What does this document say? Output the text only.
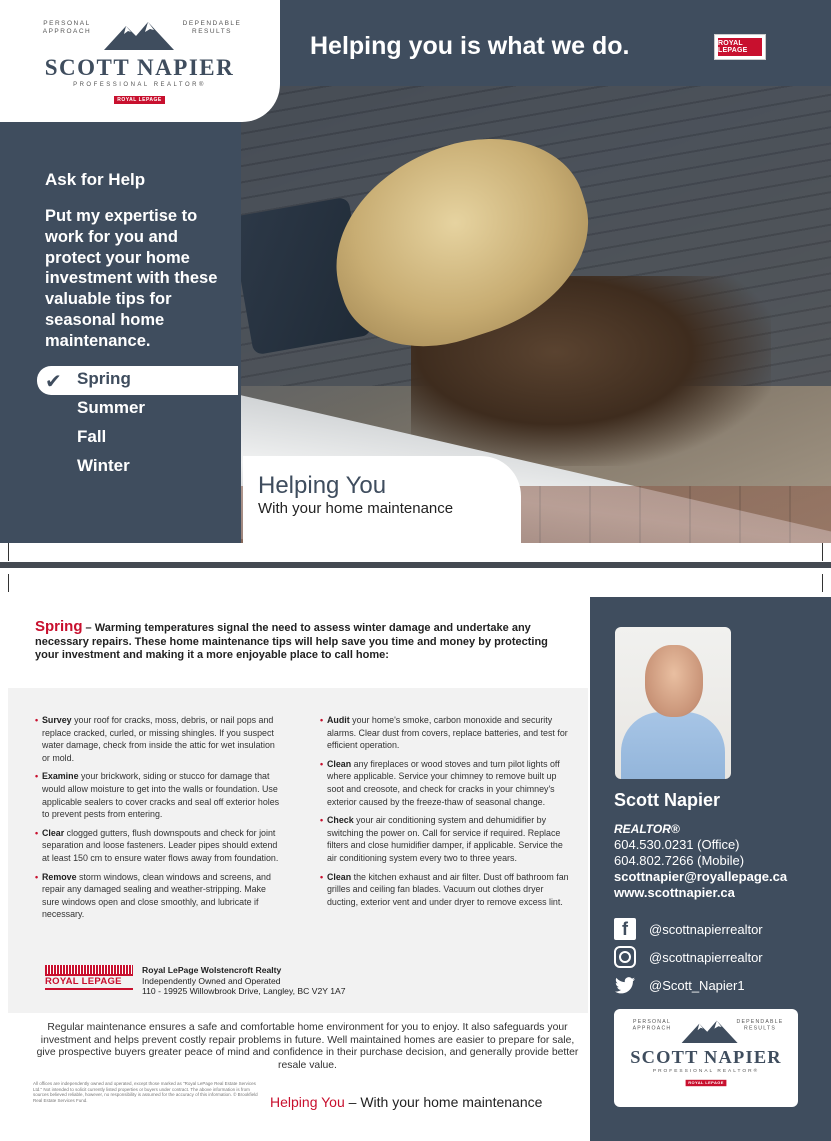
PERSONAL APPROACH
DEPENDABLE RESULTS
SCOTT NAPIER
PROFESSIONAL REALTOR®
ROYAL LEPAGE
Helping you is what we do.	ROYAL LEPAGE
Ask for Help
Put my expertise to work for you and protect your home investment with these valuable tips for seasonal home maintenance.
✔ Spring
Summer
Fall
Winter
Helping You
With your home maintenance
Spring – Warming temperatures signal the need to assess winter damage and undertake any necessary repairs. These home maintenance tips will help save you time and money by protecting your investment and making it a more enjoyable place to call home:
• Survey your roof for cracks, moss, debris, or nail pops and replace cracked, curled, or missing shingles. If you suspect water damage, check from inside the attic for wet insulation or mold.
• Examine your brickwork, siding or stucco for damage that would allow moisture to get into the walls or foundation. Use applicable sealers to cover cracks and seal off exterior holes to prevent pests from entering.
• Clear clogged gutters, flush downspouts and check for joint separation and loose fasteners. Leader pipes should extend at least 150 cm to ensure water flows away from foundation.
• Remove storm windows, clean windows and screens, and repair any damaged sealing and weather-stripping. Make sure windows open and close smoothly, and lubricate if necessary.
• Audit your home's smoke, carbon monoxide and security alarms. Clear dust from covers, replace batteries, and test for efficient operation.
• Clean any fireplaces or wood stoves and turn pilot lights off where applicable. Service your chimney to remove built up soot and creosote, and check for cracks in your chimney's exterior caused by the freeze-thaw of seasonal change.
• Check your air conditioning system and dehumidifier by switching the power on. Call for service if required. Replace filters and close humidifier damper, if applicable. Service the air conditioning system every two to three years.
• Clean the kitchen exhaust and air filter. Dust off bathroom fan grilles and ceiling fan blades. Vacuum out clothes dryer ducting, exterior vent and under dryer to remove excess lint.
ROYAL LEPAGE
Royal LePage Wolstencroft Realty
Independently Owned and Operated
110 - 19925 Willowbrook Drive, Langley, BC V2Y 1A7
Regular maintenance ensures a safe and comfortable home environment for you to enjoy. It also safeguards your investment and helps prevent costly repair problems in future. Well maintained homes are easier to prepare for sale, give prospective buyers greater peace of mind and confidence in their purchase decision, and generally provide better resale value.
All offices are independently owned and operated, except those marked as "Royal LePage Real Estate Services Ltd." Not intended to solicit currently listed properties or buyers under contract. The above information is from sources believed reliable, however, no responsibility is assumed for the accuracy of this information. © Brookfield Real Estate Services Fund.	Helping You – With your home maintenance
Scott Napier
REALTOR®
604.530.0231 (Office)
604.802.7266 (Mobile)
scottnapier@royallepage.ca
www.scottnapier.ca
f	@scottnapierrealtor
@scottnapierrealtor
@Scott_Napier1
PERSONAL APPROACH
DEPENDABLE RESULTS
SCOTT NAPIER
PROFESSIONAL REALTOR®
ROYAL LEPAGE
